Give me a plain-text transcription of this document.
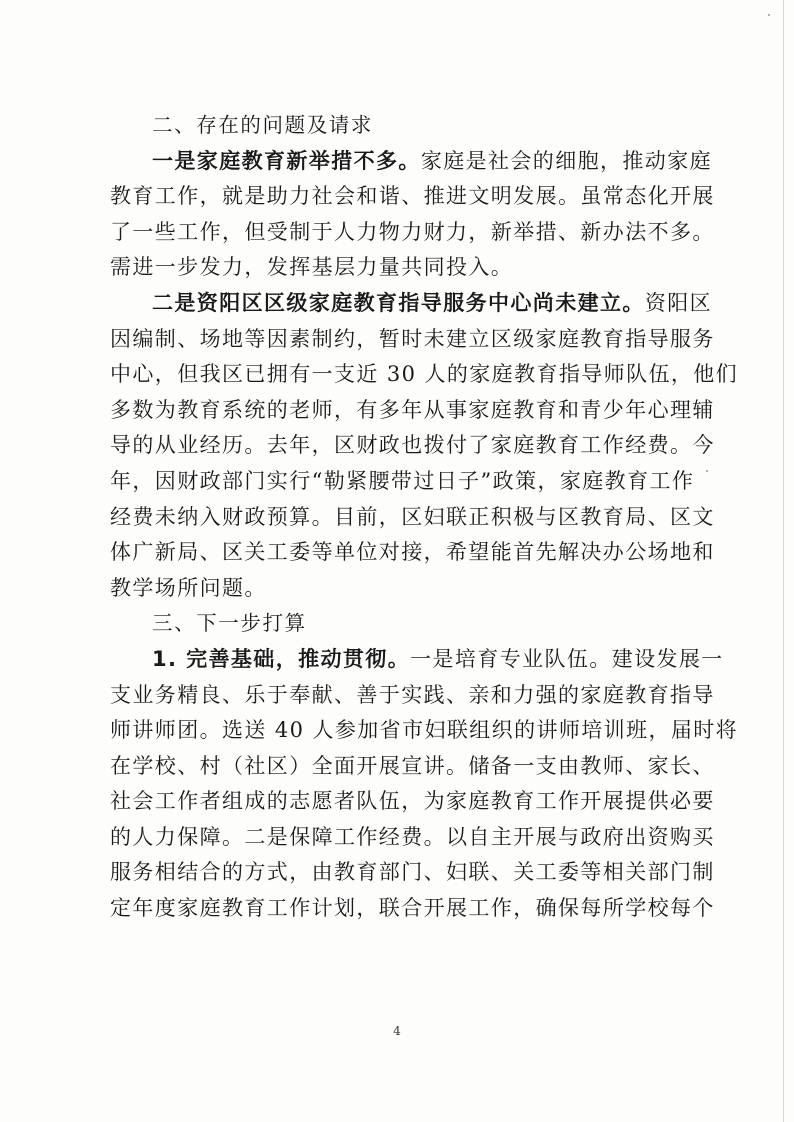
二、存在的问题及请求
一是家庭教育新举措不多。家庭是社会的细胞，推动家庭
教育工作，就是助力社会和谐、推进文明发展。虽常态化开展
了一些工作，但受制于人力物力财力，新举措、新办法不多。
需进一步发力，发挥基层力量共同投入。
二是资阳区区级家庭教育指导服务中心尚未建立。资阳区
因编制、场地等因素制约，暂时未建立区级家庭教育指导服务
中心，但我区已拥有一支近 30 人的家庭教育指导师队伍，他们
多数为教育系统的老师，有多年从事家庭教育和青少年心理辅
导的从业经历。去年，区财政也拨付了家庭教育工作经费。今
年，因财政部门实行“勒紧腰带过日子”政策，家庭教育工作
经费未纳入财政预算。目前，区妇联正积极与区教育局、区文
体广新局、区关工委等单位对接，希望能首先解决办公场地和
教学场所问题。
三、下一步打算
1. 完善基础，推动贯彻。一是培育专业队伍。建设发展一
支业务精良、乐于奉献、善于实践、亲和力强的家庭教育指导
师讲师团。选送 40 人参加省市妇联组织的讲师培训班，届时将
在学校、村（社区）全面开展宣讲。储备一支由教师、家长、
社会工作者组成的志愿者队伍，为家庭教育工作开展提供必要
的人力保障。二是保障工作经费。以自主开展与政府出资购买
服务相结合的方式，由教育部门、妇联、关工委等相关部门制
定年度家庭教育工作计划，联合开展工作，确保每所学校每个
4
